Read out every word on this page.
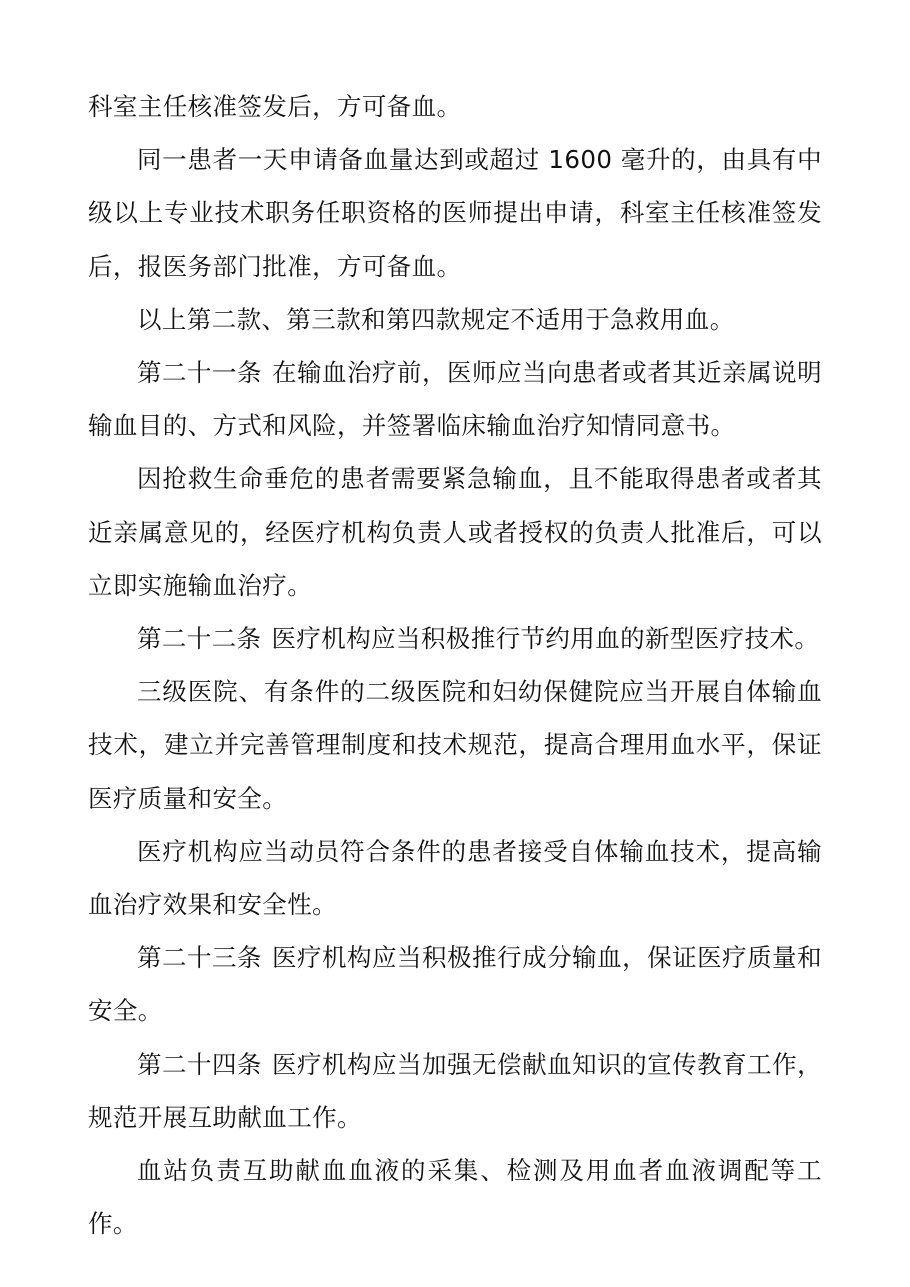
科室主任核准签发后，方可备血。

同一患者一天申请备血量达到或超过 1600 毫升的，由具有中级以上专业技术职务任职资格的医师提出申请，科室主任核准签发后，报医务部门批准，方可备血。

以上第二款、第三款和第四款规定不适用于急救用血。

第二十一条 在输血治疗前，医师应当向患者或者其近亲属说明输血目的、方式和风险，并签署临床输血治疗知情同意书。

因抢救生命垂危的患者需要紧急输血，且不能取得患者或者其近亲属意见的，经医疗机构负责人或者授权的负责人批准后，可以立即实施输血治疗。

第二十二条 医疗机构应当积极推行节约用血的新型医疗技术。

三级医院、有条件的二级医院和妇幼保健院应当开展自体输血技术，建立并完善管理制度和技术规范，提高合理用血水平，保证医疗质量和安全。

医疗机构应当动员符合条件的患者接受自体输血技术，提高输血治疗效果和安全性。

第二十三条 医疗机构应当积极推行成分输血，保证医疗质量和安全。

第二十四条 医疗机构应当加强无偿献血知识的宣传教育工作，规范开展互助献血工作。

血站负责互助献血血液的采集、检测及用血者血液调配等工作。
